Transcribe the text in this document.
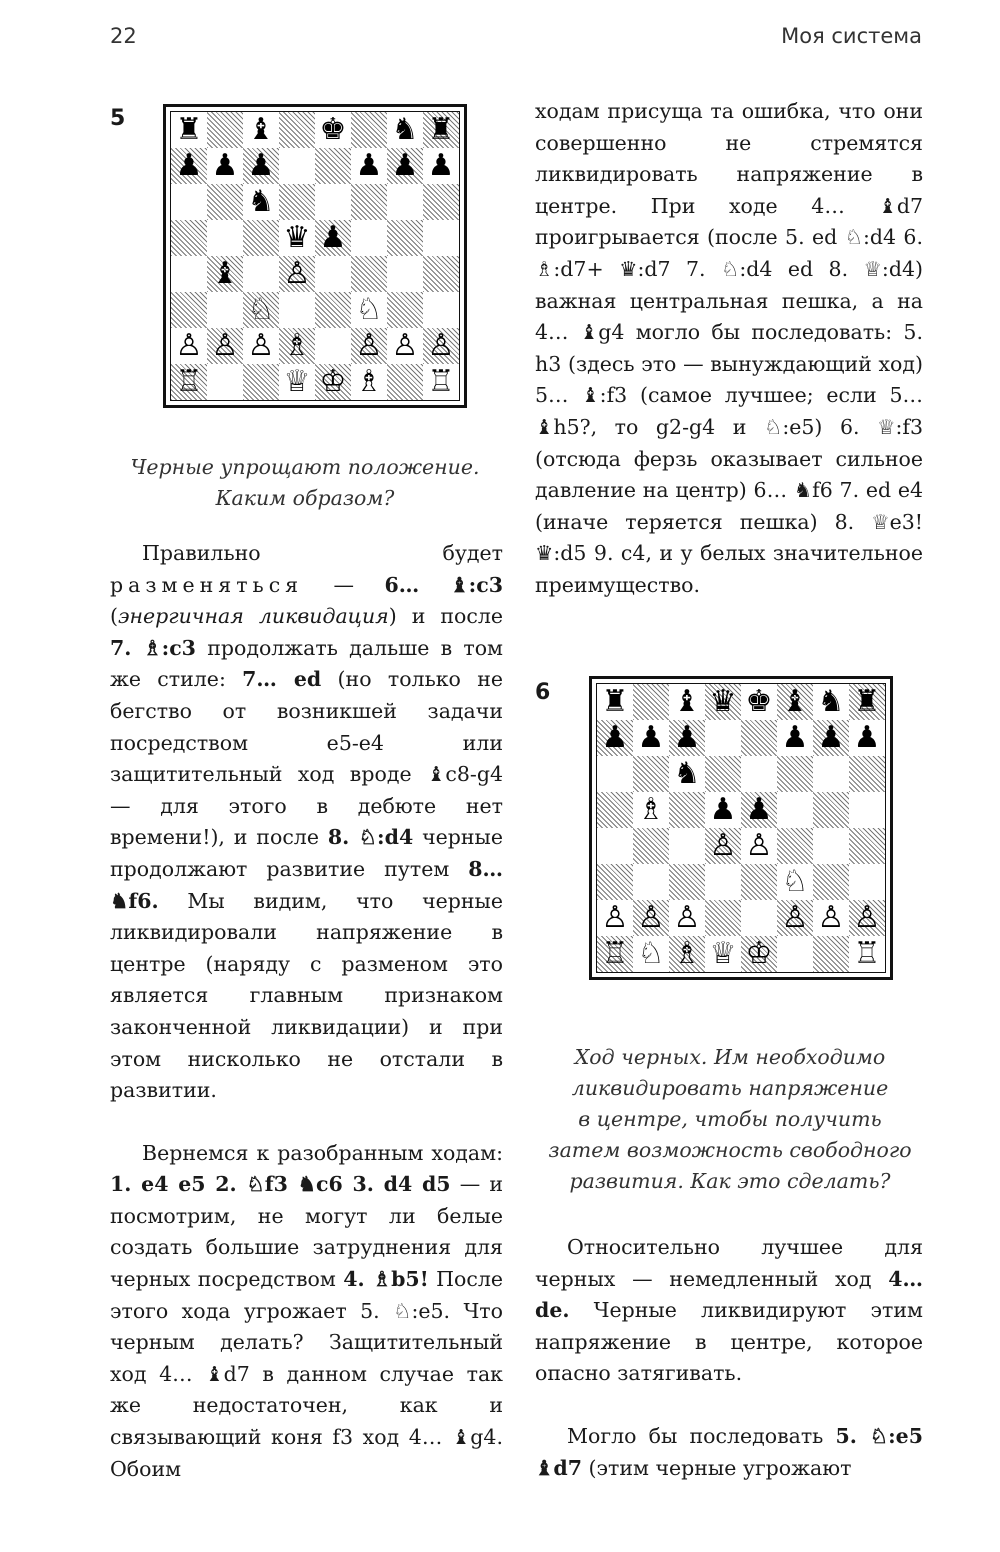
22	Моя система
5 ♜ ♝ ♚ ♞ ♜
♟ ♟ ♟	♟ ♟ ♟
♞
♛ ♟
♝ ♙
♘	♘
♙ ♙ ♙ ♗ ♙ ♙ ♙
♖	♕ ♔ ♗ ♖
Черные упрощают положение.
Каким образом?

Правильно будет разменяться — 6… ♝:c3 (энергичная ликвидация) и после 7. ♗:c3 продолжать дальше в том же стиле: 7… ed (но только не бегство от возникшей задачи посредством e5-e4 или защитительный ход вроде ♝c8-g4 — для этого в дебюте нет времени!), и после 8. ♘:d4 черные продолжают развитие путем 8… ♞f6. Мы видим, что черные ликвидировали напряжение в центре (наряду с разменом это является главным признаком законченной ликвидации) и при этом нисколько не отстали в развитии.

Вернемся к разобранным ходам: 1. e4 e5 2. ♘f3 ♞c6 3. d4 d5 — и посмотрим, не могут ли белые создать большие затруднения для черных посредством 4. ♗b5! После этого хода угрожает 5. ♘:e5. Что черным делать? Защитительный ход 4… ♝d7 в данном случае так же недостаточен, как и связывающий коня f3 ход 4… ♝g4. Обоим

ходам присуща та ошибка, что они совершенно не стремятся ликвидировать напряжение в центре. При ходе 4… ♝d7 проигрывается (после 5. ed ♘:d4 6. ♗:d7+ ♛:d7 7. ♘:d4 ed 8. ♕:d4) важная центральная пешка, а на 4… ♝g4 могло бы последовать: 5. h3 (здесь это — вынуждающий ход) 5… ♝:f3 (самое лучшее; если 5… ♝h5?, то g2-g4 и ♘:e5) 6. ♕:f3 (отсюда ферзь оказывает сильное давление на центр) 6… ♞f6 7. ed e4 (иначе теряется пешка) 8. ♕e3! ♛:d5 9. c4, и у белых значительное преимущество.

6 ♜ ♝ ♛ ♚ ♝ ♞ ♜
♟ ♟ ♟	♟ ♟ ♟
♞
♗ ♟ ♟
♙ ♙
♘
♙ ♙ ♙	♙ ♙ ♙
♖ ♘ ♗ ♕ ♔	♖
Ход черных. Им необходимо
ликвидировать напряжение
в центре, чтобы получить
затем возможность свободного
развития. Как это сделать?

Относительно лучшее для черных — немедленный ход 4… de. Черные ликвидируют этим напряжение в центре, которое опасно затягивать.

Могло бы последовать 5. ♘:e5 ♝d7 (этим черные угрожают
